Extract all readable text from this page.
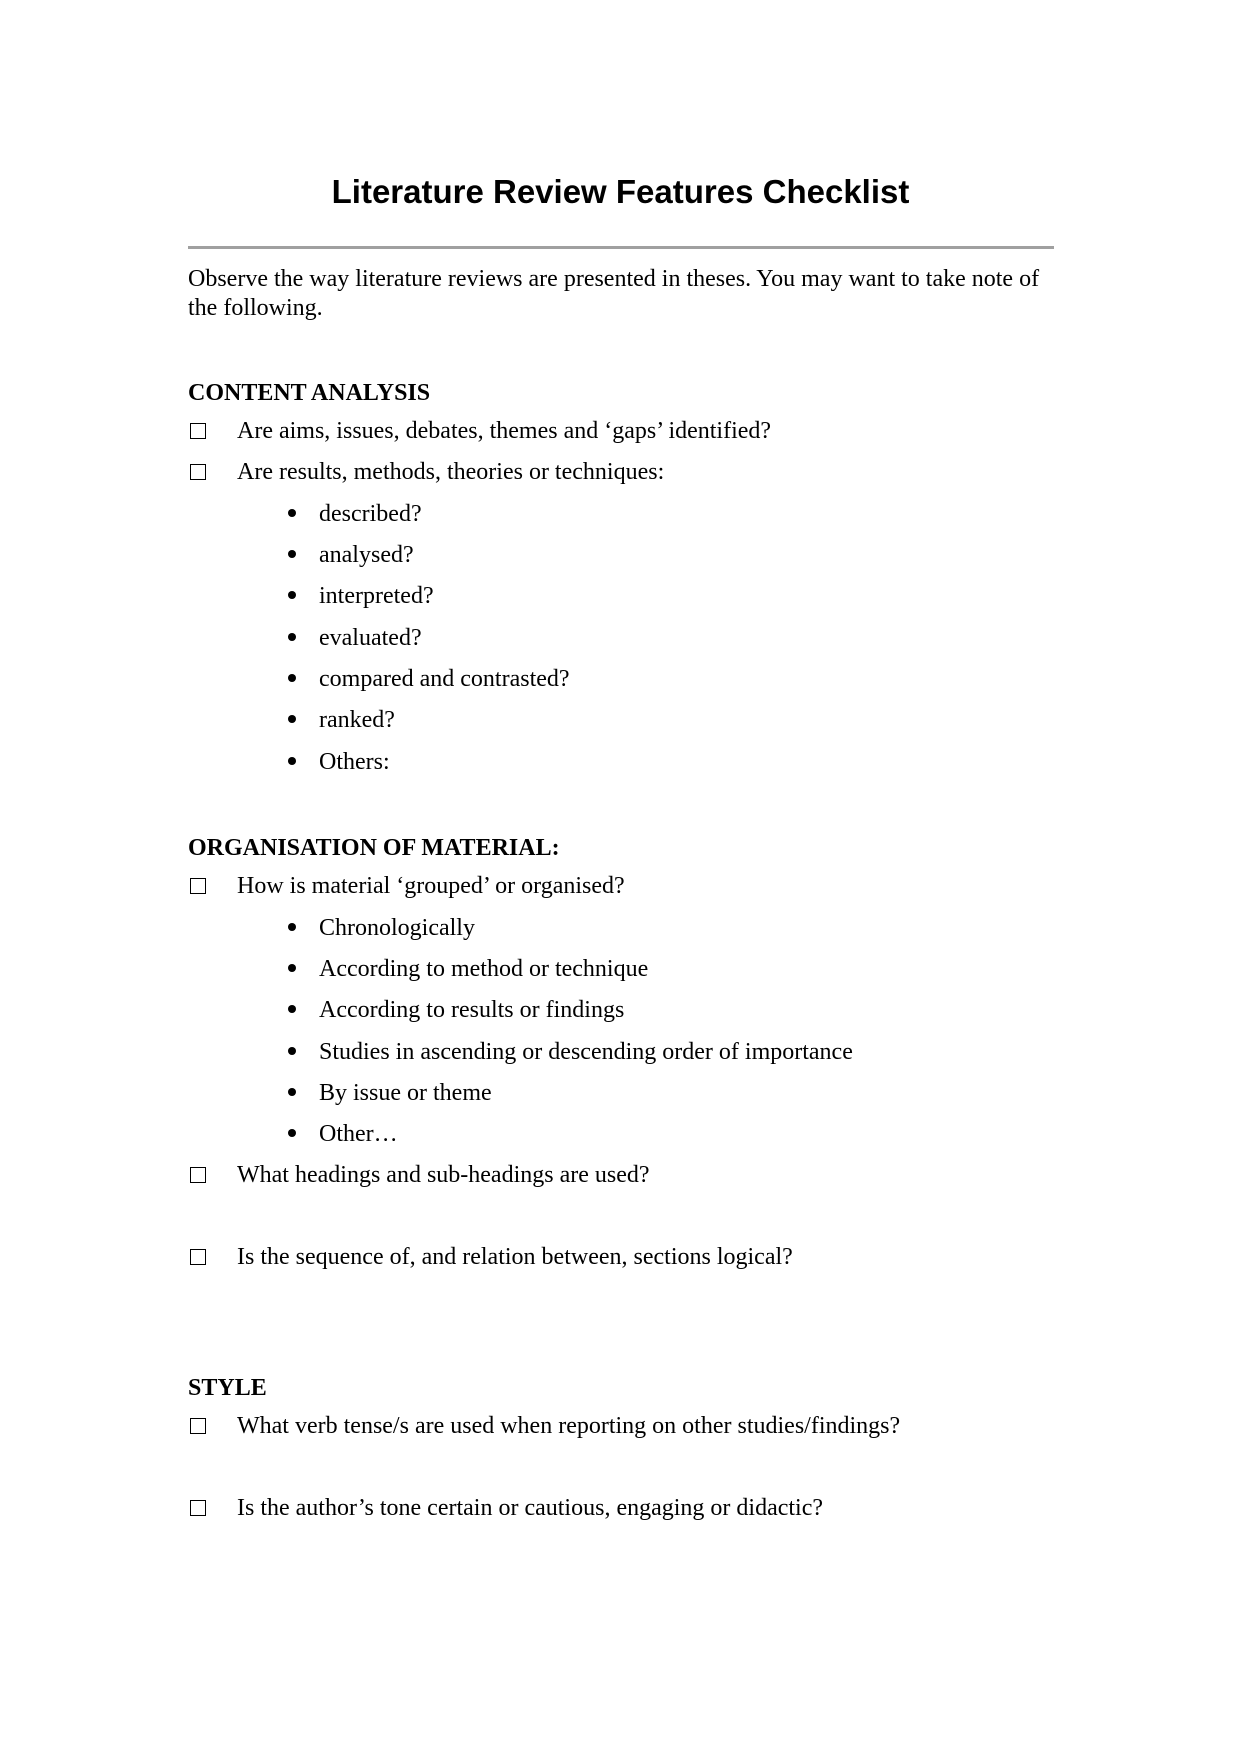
Literature Review Features Checklist

Observe the way literature reviews are presented in theses. You may want to take note of the following.

CONTENT ANALYSIS
Are aims, issues, debates, themes and ‘gaps’ identified?
Are results, methods, theories or techniques:
described?
analysed?
interpreted?
evaluated?
compared and contrasted?
ranked?
Others:
ORGANISATION OF MATERIAL:
How is material ‘grouped’ or organised?
Chronologically
According to method or technique
According to results or findings
Studies in ascending or descending order of importance
By issue or theme
Other…
What headings and sub-headings are used?
Is the sequence of, and relation between, sections logical?
STYLE
What verb tense/s are used when reporting on other studies/findings?
Is the author’s tone certain or cautious, engaging or didactic?
